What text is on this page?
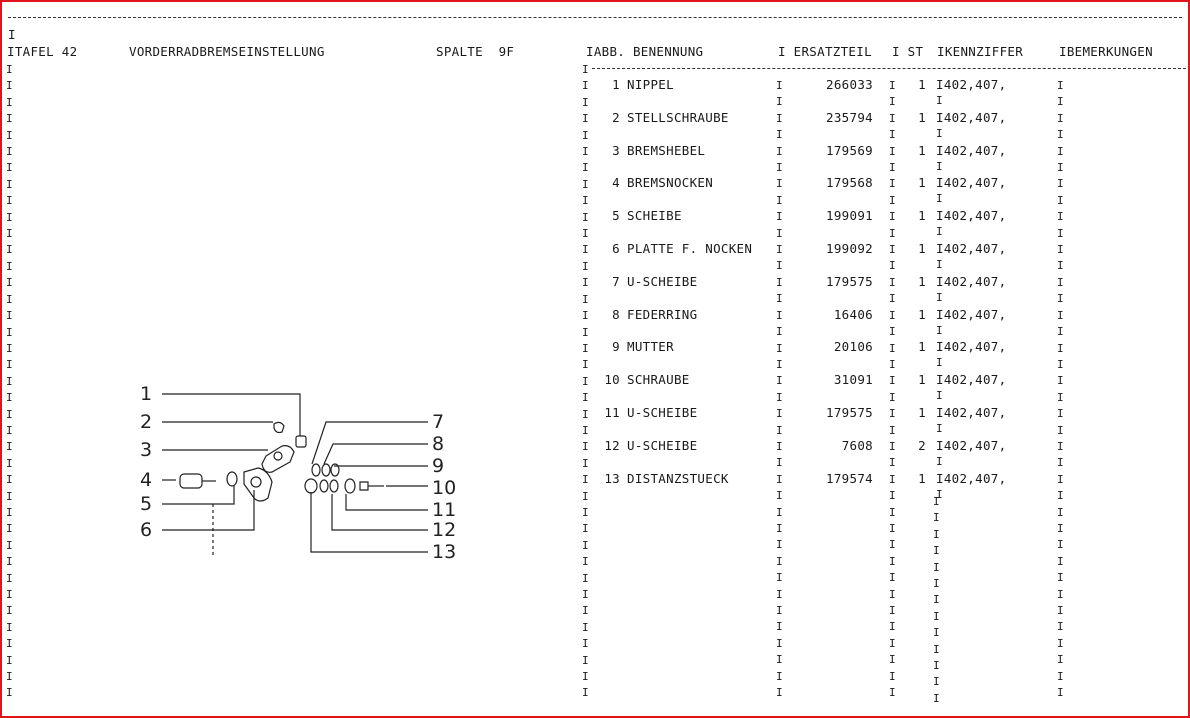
I
ITAFEL 42	VORDERRADBREMSEINSTELLUNG	SPALTE  9F	IABB. BENENNUNG	I ERSATZTEIL I ST IKENNZIFFER	IBEMERKUNGEN
I
I
I
I
I
I
I
I
I
I
I
I
I
I
I
I
I
I
I
I
I
I
I
I
I
I
I
I
I
I
I
I
I
I
I
I
I
I
I
I
I
I
I
I
I
I
I
I
I
I
I
I
I
I
I
I
I
I
I
I
I
I
I
I
I
I
I
I
I
I
I
I
I
I
I
I
I
I
I
I
I
I
I
I
I
I
I
I
I
I
I
I
I
I
I
I
I
I
I
I
I
I
I
I
I
I
I
I
I
I
I
I
I
I
I
I
I
I
I
I
I
I
I
I
I
I
I
I
I
I
I
I
I
I
I
I
I
I
I
I
I
I
I
I
I
I
I
I
I
I
I
I
I
I
I
I
I
I
I
I
I
I
I
I
I
I
I
I
I
I
I
I
I
I
I
I
I
I
I
I
I
I
I
I
I
I
I
I
I
I
I
I
I
I
I
I
I
I
I
I
I
I
I
I
I
1 NIPPEL	266033	1 I402,407,
I
2 STELLSCHRAUBE	235794	1 I402,407,
I
3 BREMSHEBEL	179569	1 I402,407,
I
4 BREMSNOCKEN	179568	1 I402,407,
I
5 SCHEIBE	199091	1 I402,407,
I
6 PLATTE F. NOCKEN	199092	1 I402,407,
I
7 U-SCHEIBE	179575	1 I402,407,
I
8 FEDERRING	16406	1 I402,407,
I
9 MUTTER	20106	1 I402,407,
I
10 SCHRAUBE	31091	1 I402,407,
I
11 U-SCHEIBE	179575	1 I402,407,
I
12 U-SCHEIBE	7608	2 I402,407,
I
13 DISTANZSTUECK	179574	1 I402,407,
I
1
2
3
4
5
6
7
8
9
10
11
12
13
